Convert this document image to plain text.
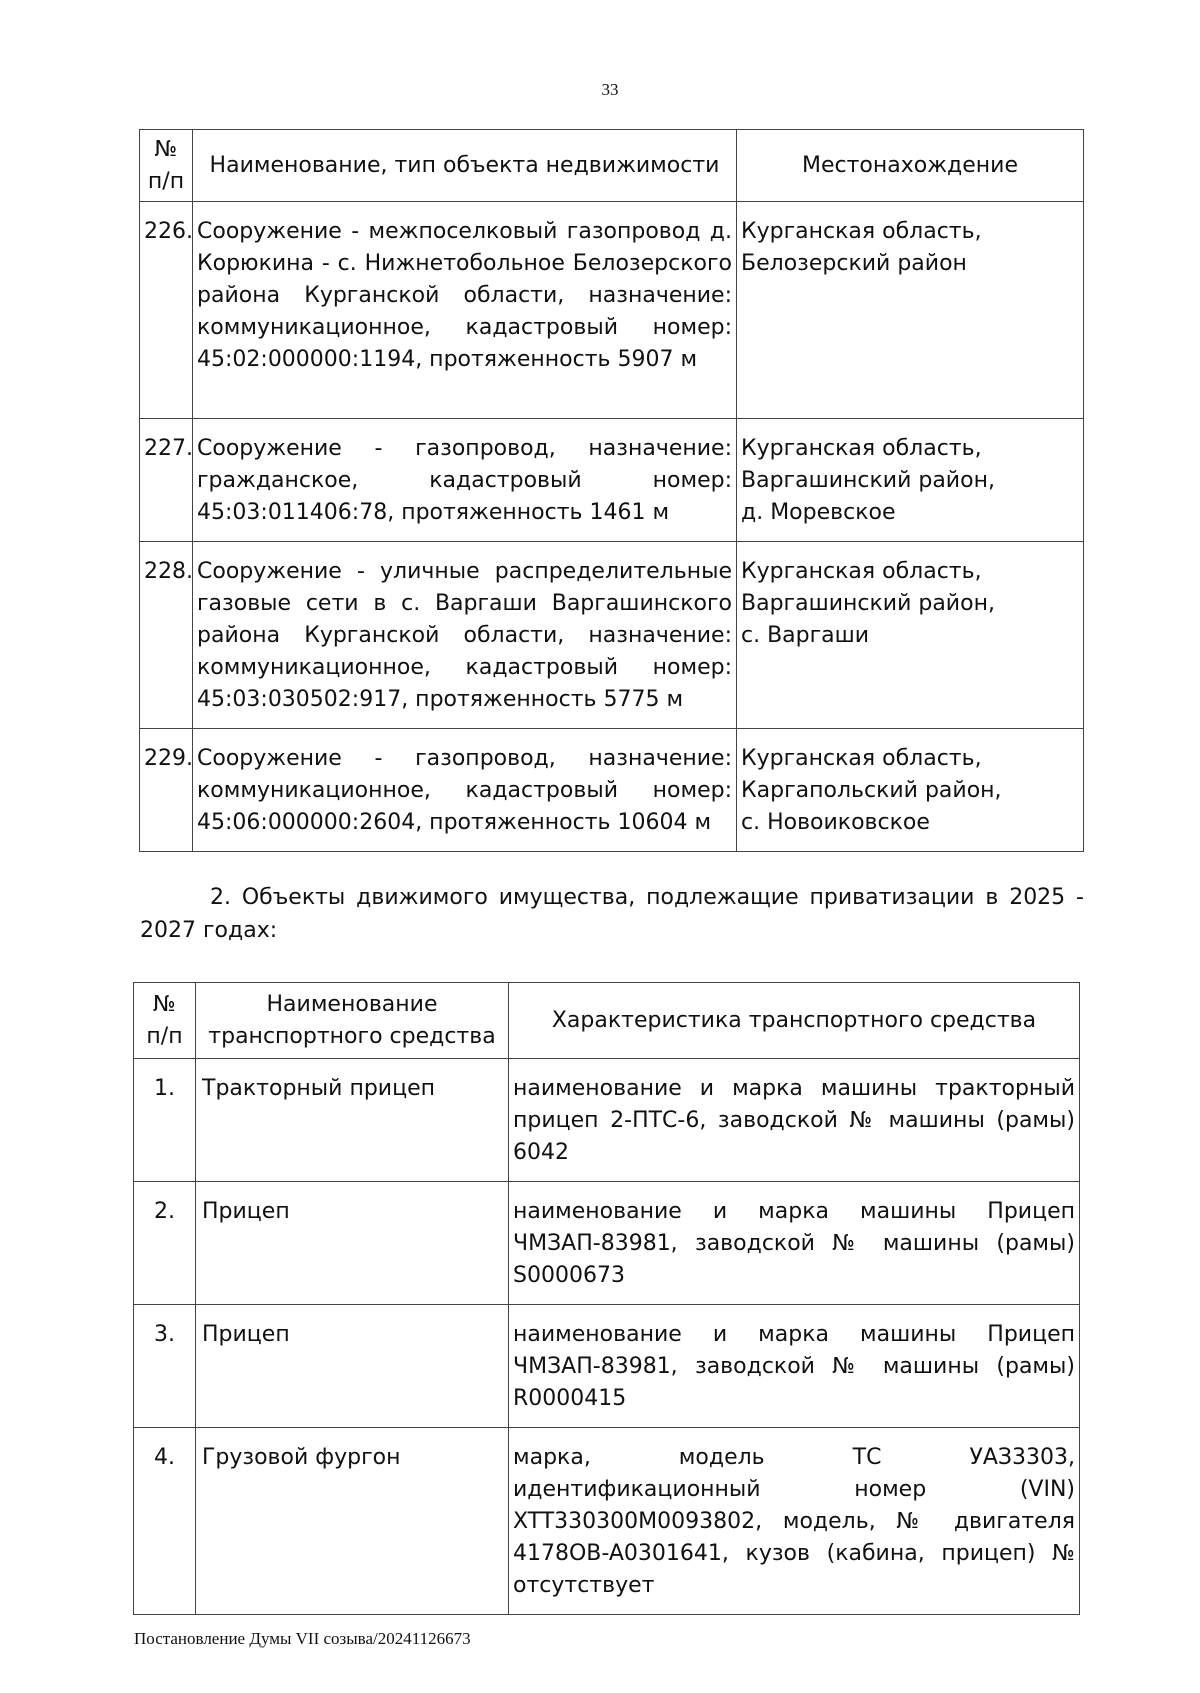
33
№
п/п	Наименование, тип объекта недвижимости	Местонахождение
226.	Сооружение - межпоселковый газопровод д. Корюкина - с. Нижнетобольное Белозерского района Курганской области, назначение: коммуникационное, кадастровый номер: 45:02:000000:1194, протяженность 5907 м	Курганская область,
Белозерский район
227.	Сооружение - газопровод, назначение: гражданское, кадастровый номер: 45:03:011406:78, протяженность 1461 м	Курганская область,
Варгашинский район,
д. Моревское
228.	Сооружение - уличные распределительные газовые сети в с. Варгаши Варгашинского района Курганской области, назначение: коммуникационное, кадастровый номер: 45:03:030502:917, протяженность 5775 м	Курганская область,
Варгашинский район,
с. Варгаши
229.	Сооружение - газопровод, назначение: коммуникационное, кадастровый номер: 45:06:000000:2604, протяженность 10604 м	Курганская область,
Каргапольский район,
с. Новоиковское
2. Объекты движимого имущества, подлежащие приватизации в 2025 - 2027 годах:
№
п/п	Наименование
транспортного средства	Характеристика транспортного средства
1.	Тракторный прицеп	наименование и марка машины тракторный прицеп 2-ПТС-6, заводской № машины (рамы) 6042
2.	Прицеп	наименование и марка машины Прицеп ЧМЗАП-83981, заводской № машины (рамы) S0000673
3.	Прицеп	наименование и марка машины Прицеп ЧМЗАП-83981, заводской № машины (рамы) R0000415
4.	Грузовой фургон	марка, модель ТС УАЗ3303, идентификационный номер (VIN) XTT330300M0093802, модель, № двигателя 4178OB-A0301641, кузов (кабина, прицеп) № отсутствует
Постановление Думы VII созыва/20241126673
